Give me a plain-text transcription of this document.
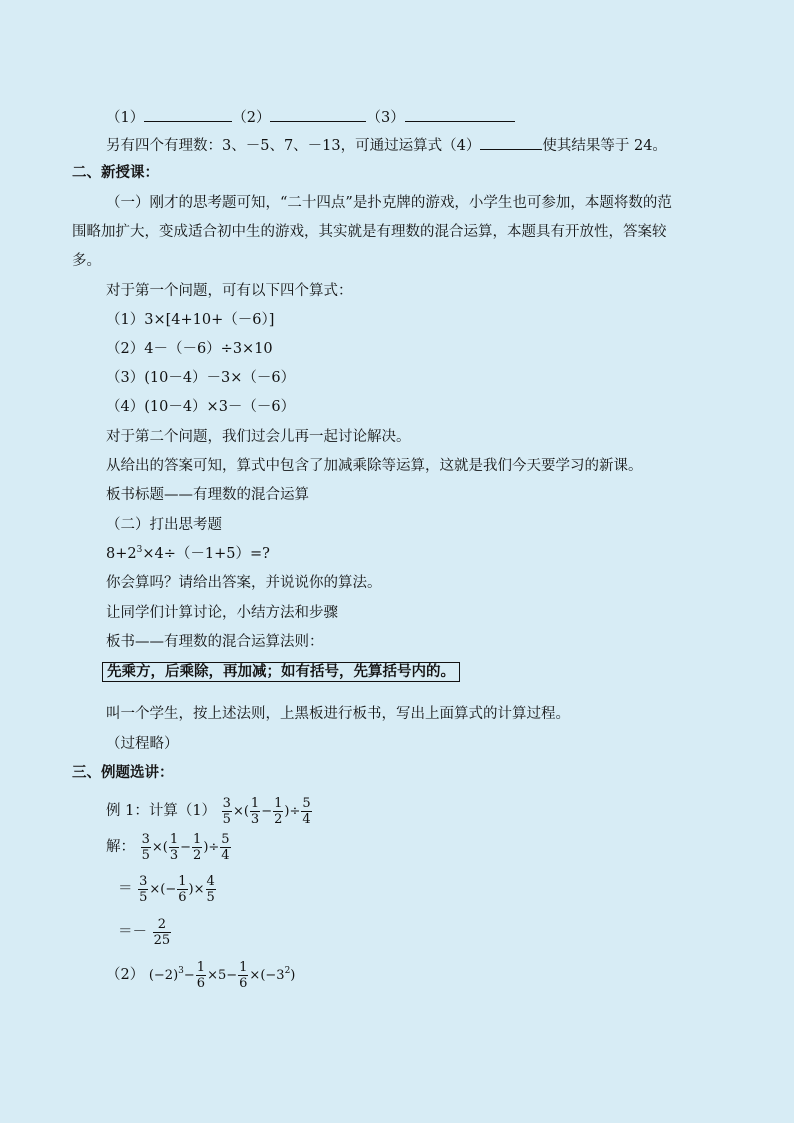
（1）	（2）	（3）
另有四个有理数：3、－5、7、－13，可通过运算式（4）	使其结果等于 24。
二、新授课：
（一）刚才的思考题可知，“二十四点”是扑克牌的游戏，小学生也可参加，本题将数的范
围略加扩大，变成适合初中生的游戏，其实就是有理数的混合运算，本题具有开放性，答案较
多。
对于第一个问题，可有以下四个算式：
（1）3×[4+10+（－6）]
（2）4－（－6）÷3×10
（3）(10－4）－3×（－6）
（4）(10－4）×3－（－6）
对于第二个问题，我们过会儿再一起讨论解决。
从给出的答案可知，算式中包含了加减乘除等运算，这就是我们今天要学习的新课。
板书标题——有理数的混合运算
（二）打出思考题
$8+2^3\times 4\div(-1+5)=$?
你会算吗？请给出答案，并说说你的算法。
让同学们计算讨论，小结方法和步骤
板书——有理数的混合运算法则：
先乘方，后乘除，再加减；如有括号，先算括号内的。
叫一个学生，按上述法则，上黑板进行板书，写出上面算式的计算过程。
（过程略）
三、例题选讲：
例 1：计算$(1) \frac{3}{5}$ ×( $\frac{1}{3} - \frac{1}{2}$ )÷ $\frac{5}{4}$
解： $\frac{3}{5}$ ×( $\frac{1}{3} - \frac{1}{2}$ )÷ $\frac{5}{4}$
＝ $\frac{3}{5}$ ×(− $\frac{1}{6}$ )× $\frac{4}{5}$
＝－ $\frac{2}{25}$
（2） $(-2)^3- \frac{1}{6} \times 5- \frac{1}{6} \times(-3^2)$
